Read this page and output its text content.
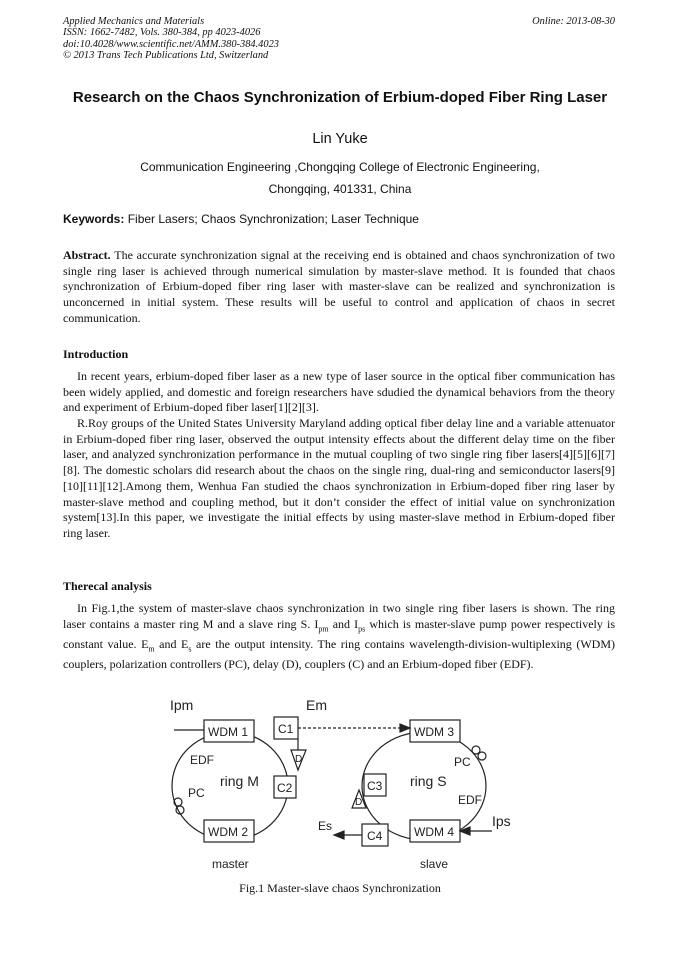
Applied Mechanics and Materials
ISSN: 1662-7482, Vols. 380-384, pp 4023-4026
doi:10.4028/www.scientific.net/AMM.380-384.4023
© 2013 Trans Tech Publications Ltd, Switzerland
Online: 2013-08-30
Research on the Chaos Synchronization of Erbium-doped Fiber Ring Laser
Lin Yuke
Communication Engineering ,Chongqing College of Electronic Engineering,
Chongqing, 401331, China
Keywords: Fiber Lasers; Chaos Synchronization; Laser Technique

Abstract. The accurate synchronization signal at the receiving end is obtained and chaos synchronization of two single ring laser is achieved through numerical simulation by master-slave method. It is founded that chaos synchronization of Erbium-doped fiber ring laser with master-slave can be realized and synchronization is unconcerned in initial system. These results will be useful to control and application of chaos in secret communication.

Introduction

In recent years, erbium-doped fiber laser as a new type of laser source in the optical fiber communication has been widely applied, and domestic and foreign researchers have sdudied the dynamical behaviors from the theory and experiment of Erbium-doped fiber laser[1][2][3].

R.Roy groups of the United States University Maryland adding optical fiber delay line and a variable attenuator in Erbium-doped fiber ring laser, observed the output intensity effects about the different delay time on the fiber laser, and analyzed synchronization performance in the mutual coupling of two single ring fiber lasers[4][5][6][7][8]. The domestic scholars did research about the chaos on the single ring, dual-ring and semiconductor lasers[9][10][11][12].Among them, Wenhua Fan studied the chaos synchronization in Erbium-doped fiber ring laser by master-slave method and coupling method, but it don’t consider the effect of initial value on synchronization system[13].In this paper, we investigate the initial effects by using master-slave method in Erbium-doped fiber ring laser.

Therecal analysis

In Fig.1,the system of master-slave chaos synchronization in two single ring fiber lasers is shown. The ring laser contains a master ring M and a slave ring S. $I_{pm}$ and $I_{ps}$ which is master-slave pump power respectively is constant value. $E_m$ and $E_s$ are the output intensity. The ring contains wavelength-division-wultiplexing (WDM) couplers, polarization controllers (PC), delay (D), couplers (C) and an Erbium-doped fiber (EDF).

Ipm	Em
WDM 1
WDM 2
WDM 3
WDM 4
C1
C2	C3
C4
D
D
EDF
EDF
PC
PC
ring M	ring S
Es	Ips
master	slave
Fig.1 Master-slave chaos Synchronization
